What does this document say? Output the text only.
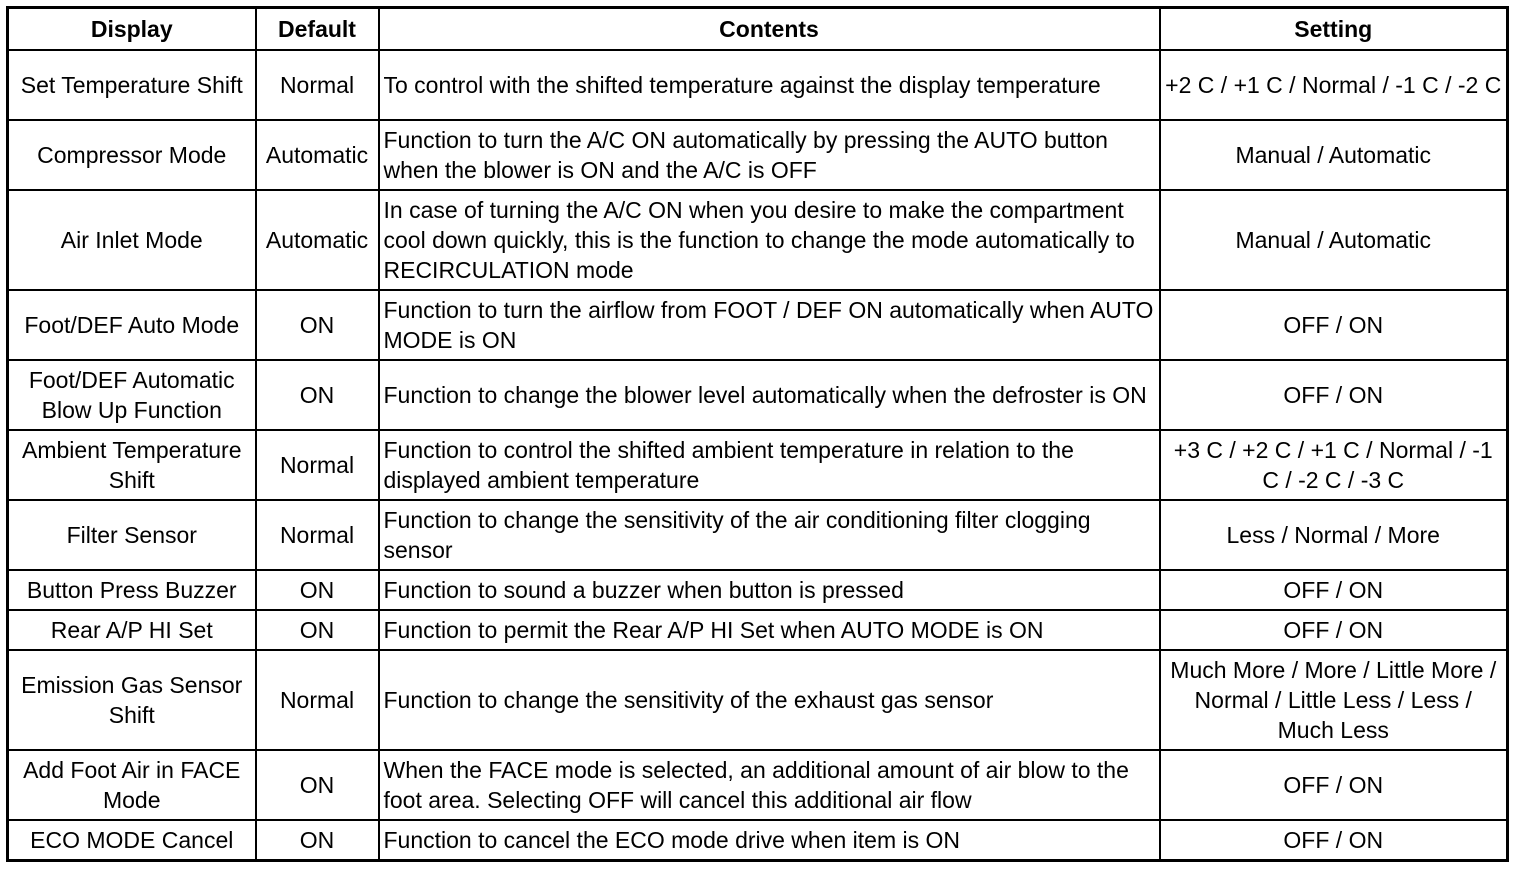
Display	Default	Contents	Setting
Set Temperature Shift	Normal	To control with the shifted temperature against the display temperature	+2 C / +1 C / Normal / -1 C / -2 C
Compressor Mode	Automatic	Function to turn the A/C ON automatically by pressing the AUTO button when the blower is ON and the A/C is OFF	Manual / Automatic
Air Inlet Mode	Automatic	In case of turning the A/C ON when you desire to make the compartment cool down quickly, this is the function to change the mode automatically to RECIRCULATION mode	Manual / Automatic
Foot/DEF Auto Mode	ON	Function to turn the airflow from FOOT / DEF ON automatically when AUTO MODE is ON	OFF / ON
Foot/DEF Automatic Blow Up Function	ON	Function to change the blower level automatically when the defroster is ON	OFF / ON
Ambient Temperature Shift	Normal	Function to control the shifted ambient temperature in relation to the displayed ambient temperature	+3 C / +2 C / +1 C / Normal / -1 C / -2 C / -3 C
Filter Sensor	Normal	Function to change the sensitivity of the air conditioning filter clogging sensor	Less / Normal / More
Button Press Buzzer	ON	Function to sound a buzzer when button is pressed	OFF / ON
Rear A/P HI Set	ON	Function to permit the Rear A/P HI Set when AUTO MODE is ON	OFF / ON
Emission Gas Sensor Shift	Normal	Function to change the sensitivity of the exhaust gas sensor	Much More / More / Little More / Normal / Little Less / Less / Much Less
Add Foot Air in FACE Mode	ON	When the FACE mode is selected, an additional amount of air blow to the foot area. Selecting OFF will cancel this additional air flow	OFF / ON
ECO MODE Cancel	ON	Function to cancel the ECO mode drive when item is ON	OFF / ON
